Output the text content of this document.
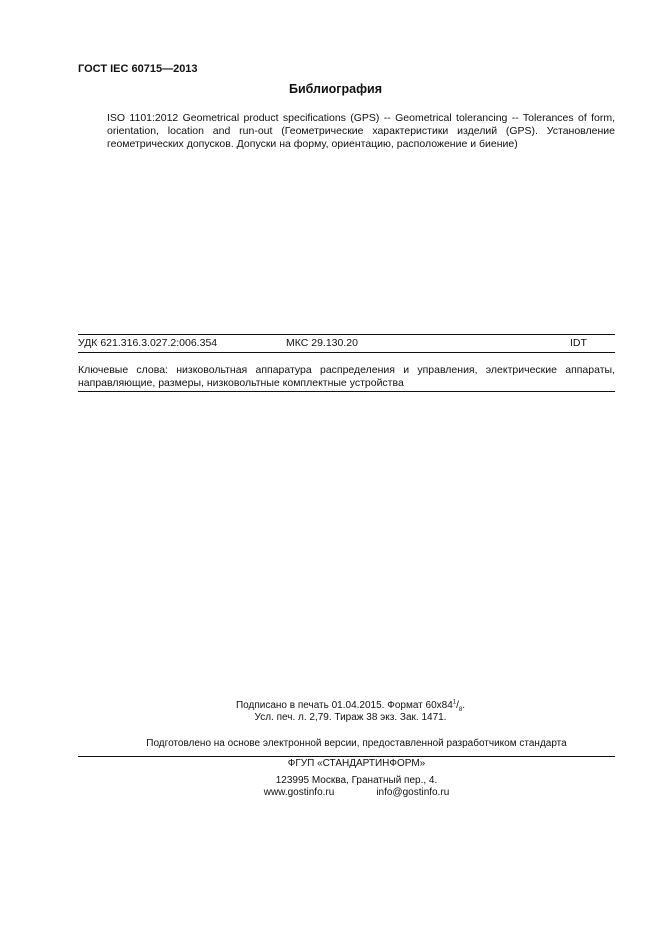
ГОСТ IEC 60715—2013
Библиография
ISO 1101:2012 Geometrical product specifications (GPS) -- Geometrical tolerancing -- Tolerances of form, orientation, location and run-out (Геометрические характеристики изделий (GPS). Установление геометрических допусков. Допуски на форму, ориентацию, расположение и биение)
УДК 621.316.3.027.2:006.354	МКС 29.130.20	IDT
Ключевые слова: низковольтная аппаратура распределения и управления, электрические аппараты, направляющие, размеры, низковольтные комплектные устройства
Подписано в печать 01.04.2015. Формат $60x84^1/_8$.
Усл. печ. л. 2,79. Тираж 38 экз. Зак. 1471.
Подготовлено на основе электронной версии, предоставленной разработчиком стандарта
ФГУП «СТАНДАРТИНФОРМ»
123995 Москва, Гранатный пер., 4.
www.gostinfo.ru	info@gostinfo.ru
